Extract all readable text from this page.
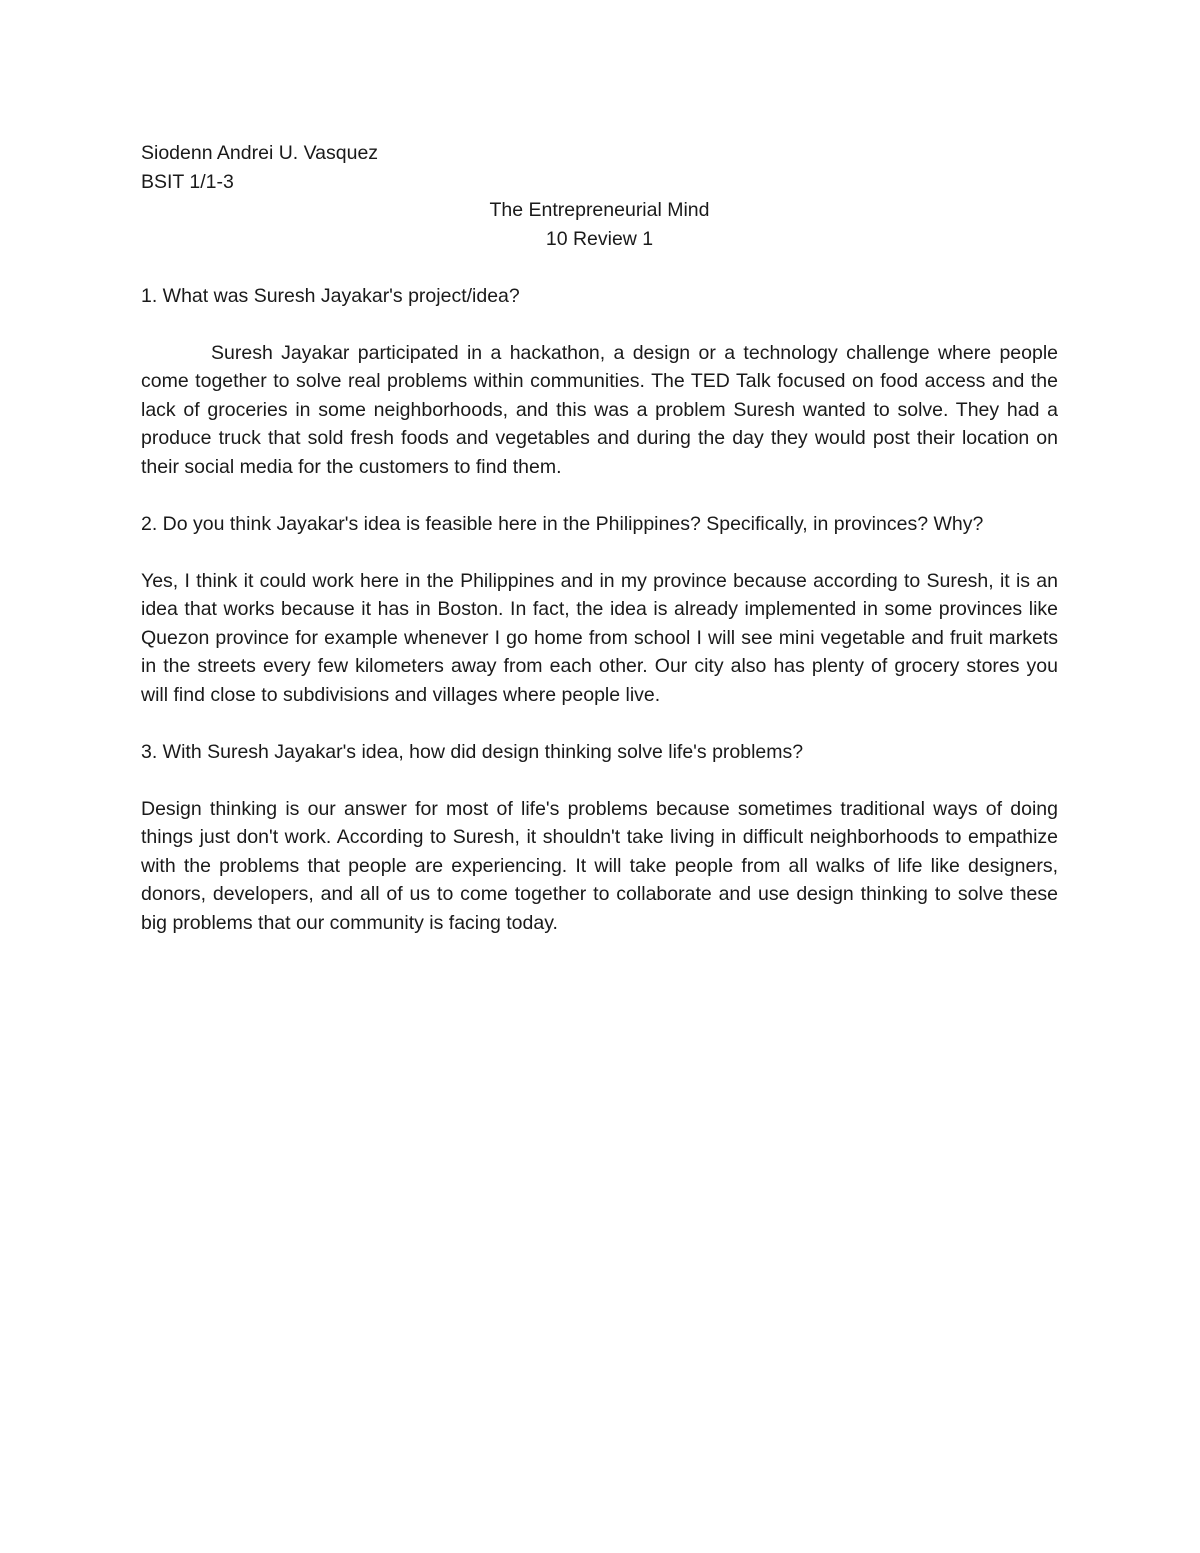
Siodenn Andrei U. Vasquez

BSIT 1/1-3

The Entrepreneurial Mind

10 Review 1

1. What was Suresh Jayakar's project/idea?

Suresh Jayakar participated in a hackathon, a design or a technology challenge where people come together to solve real problems within communities. The TED Talk focused on food access and the lack of groceries in some neighborhoods, and this was a problem Suresh wanted to solve. They had a produce truck that sold fresh foods and vegetables and during the day they would post their location on their social media for the customers to find them.

2. Do you think Jayakar's idea is feasible here in the Philippines? Specifically, in provinces? Why?

Yes, I think it could work here in the Philippines and in my province because according to Suresh, it is an idea that works because it has in Boston. In fact, the idea is already implemented in some provinces like Quezon province for example whenever I go home from school I will see mini vegetable and fruit markets in the streets every few kilometers away from each other. Our city also has plenty of grocery stores you will find close to subdivisions and villages where people live.

3. With Suresh Jayakar's idea, how did design thinking solve life's problems?

Design thinking is our answer for most of life's problems because sometimes traditional ways of doing things just don't work. According to Suresh, it shouldn't take living in difficult neighborhoods to empathize with the problems that people are experiencing. It will take people from all walks of life like designers, donors, developers, and all of us to come together to collaborate and use design thinking to solve these big problems that our community is facing today.
